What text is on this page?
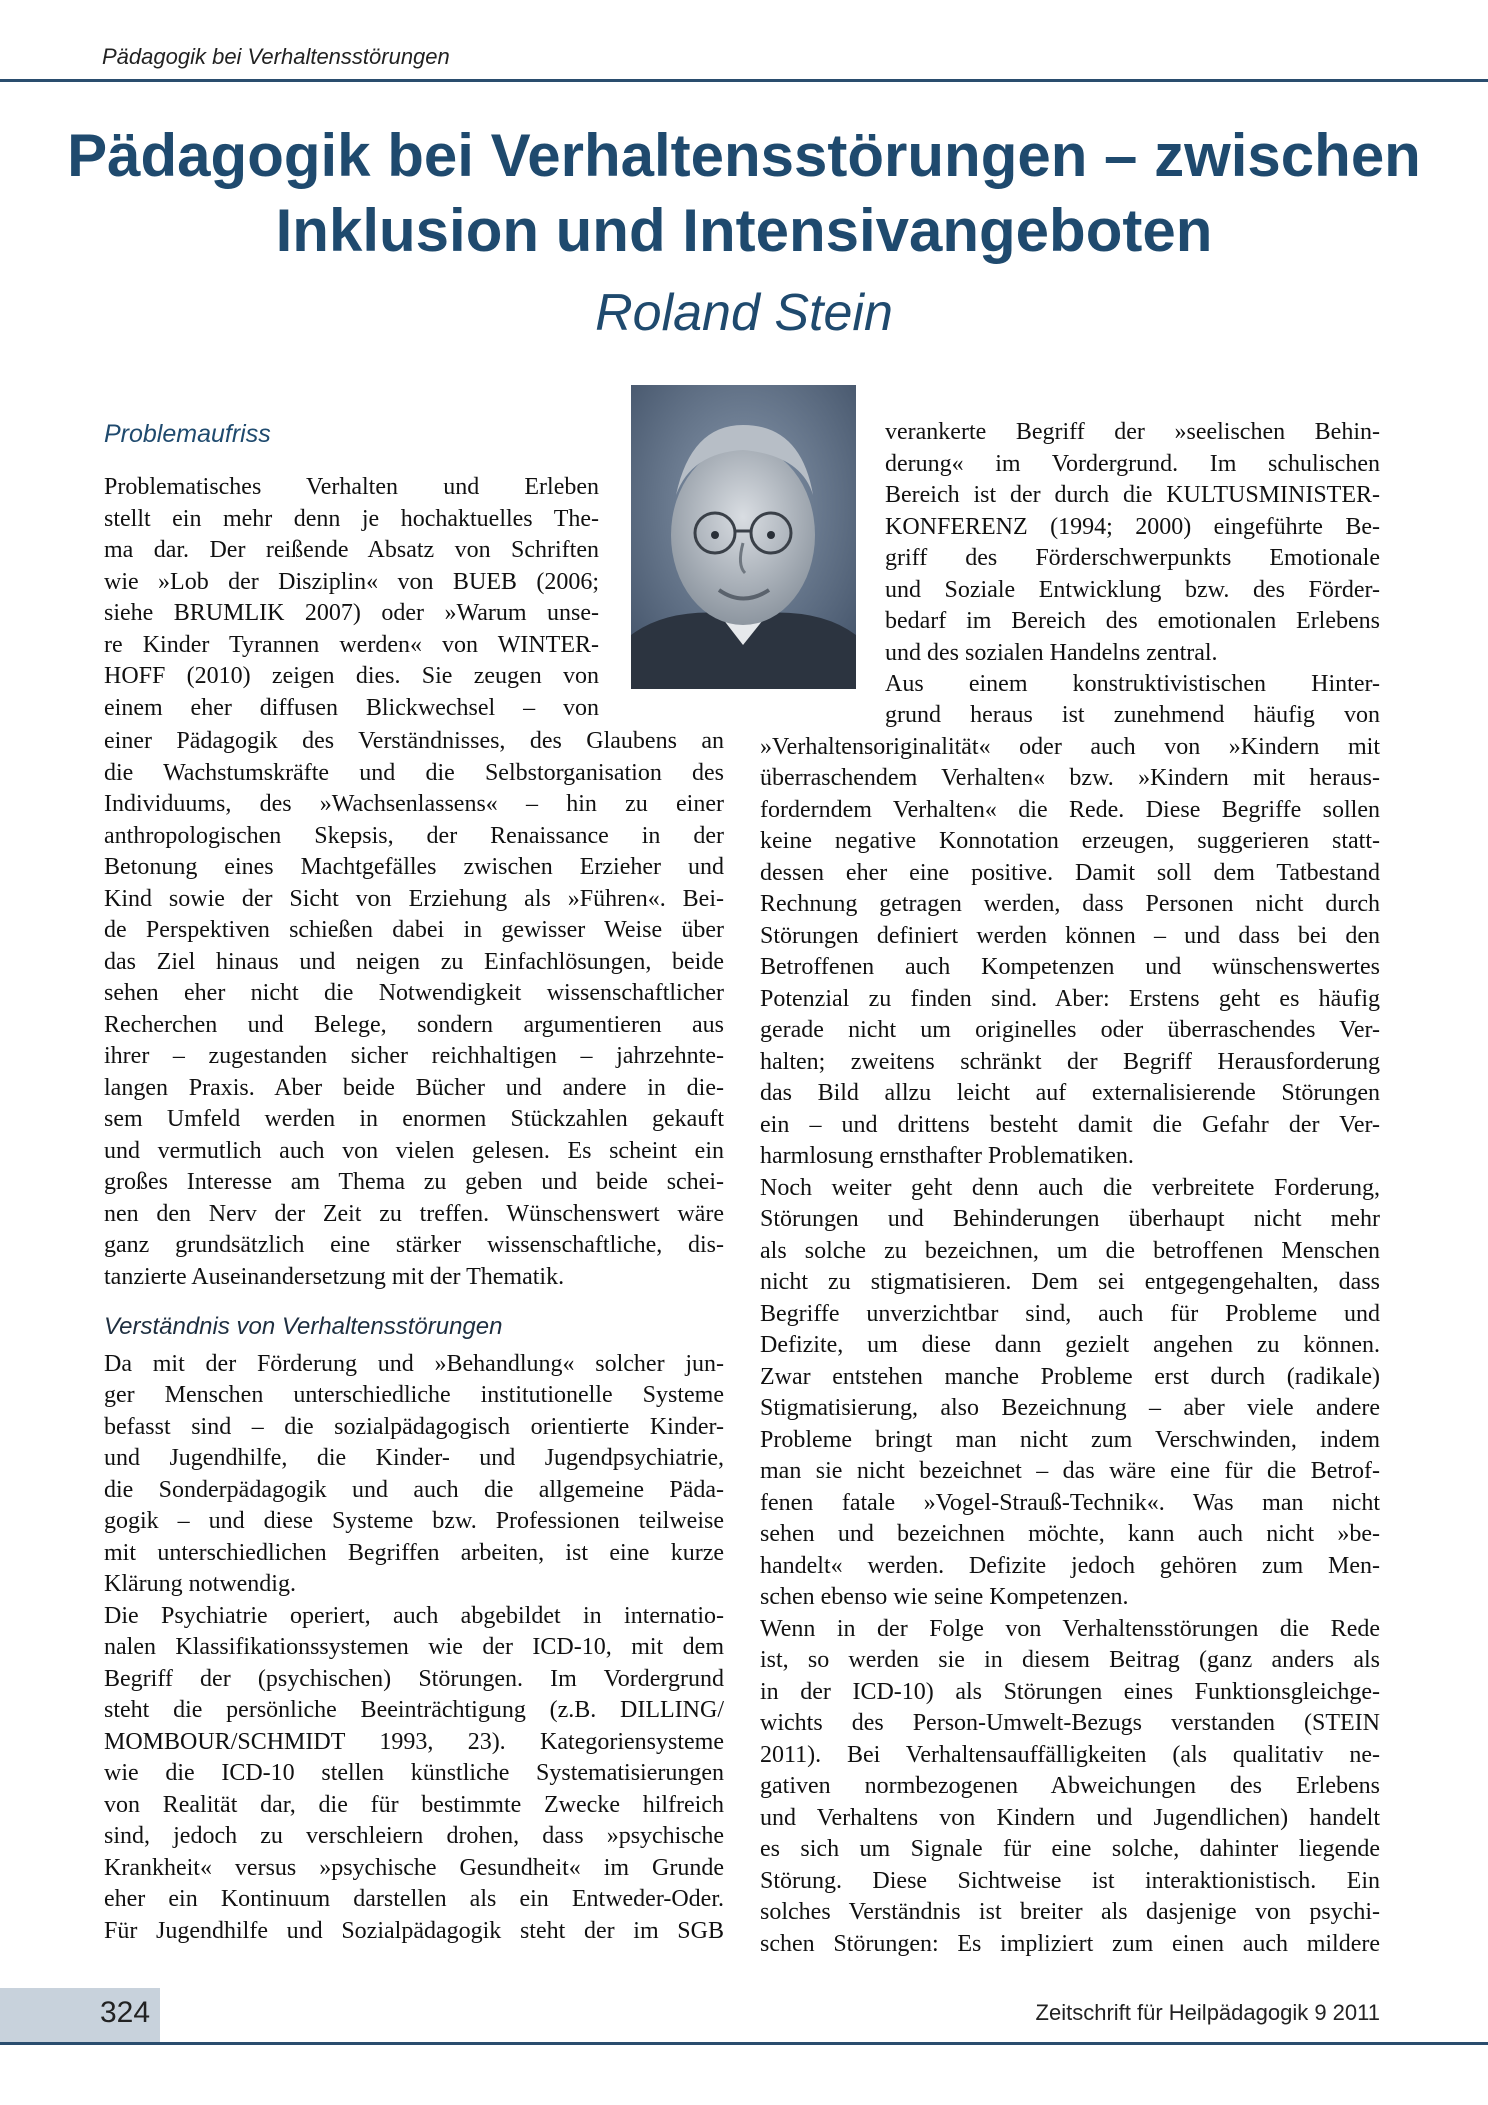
Pädagogik bei Verhaltensstörungen
Pädagogik bei Verhaltensstörungen – zwischen
Inklusion und Intensivangeboten
Roland Stein
Problemaufriss
Problematisches Verhalten und Erleben
stellt ein mehr denn je hochaktuelles The-
ma dar. Der reißende Absatz von Schriften
wie »Lob der Disziplin« von BUEB (2006;
siehe BRUMLIK 2007) oder »Warum unse-
re Kinder Tyrannen werden« von WINTER-
HOFF (2010) zeigen dies. Sie zeugen von
einem eher diffusen Blickwechsel – von
einer Pädagogik des Verständnisses, des Glaubens an
die Wachstumskräfte und die Selbstorganisation des
Individuums, des »Wachsenlassens« – hin zu einer
anthropologischen Skepsis, der Renaissance in der
Betonung eines Machtgefälles zwischen Erzieher und
Kind sowie der Sicht von Erziehung als »Führen«. Bei-
de Perspektiven schießen dabei in gewisser Weise über
das Ziel hinaus und neigen zu Einfachlösungen, beide
sehen eher nicht die Notwendigkeit wissenschaftlicher
Recherchen und Belege, sondern argumentieren aus
ihrer – zugestanden sicher reichhaltigen – jahrzehnte-
langen Praxis. Aber beide Bücher und andere in die-
sem Umfeld werden in enormen Stückzahlen gekauft
und vermutlich auch von vielen gelesen. Es scheint ein
großes Interesse am Thema zu geben und beide schei-
nen den Nerv der Zeit zu treffen. Wünschenswert wäre
ganz grundsätzlich eine stärker wissenschaftliche, dis-
tanzierte Auseinandersetzung mit der Thematik.
Verständnis von Verhaltensstörungen
Da mit der Förderung und »Behandlung« solcher jun-
ger Menschen unterschiedliche institutionelle Systeme
befasst sind – die sozialpädagogisch orientierte Kinder-
und Jugendhilfe, die Kinder- und Jugendpsychiatrie,
die Sonderpädagogik und auch die allgemeine Päda-
gogik – und diese Systeme bzw. Professionen teilweise
mit unterschiedlichen Begriffen arbeiten, ist eine kurze
Klärung notwendig.
Die Psychiatrie operiert, auch abgebildet in internatio-
nalen Klassifikationssystemen wie der ICD-10, mit dem
Begriff der (psychischen) Störungen. Im Vordergrund
steht die persönliche Beeinträchtigung (z.B. DILLING/
MOMBOUR/SCHMIDT 1993, 23). Kategoriensysteme
wie die ICD-10 stellen künstliche Systematisierungen
von Realität dar, die für bestimmte Zwecke hilfreich
sind, jedoch zu verschleiern drohen, dass »psychische
Krankheit« versus »psychische Gesundheit« im Grunde
eher ein Kontinuum darstellen als ein Entweder-Oder.
Für Jugendhilfe und Sozialpädagogik steht der im SGB
verankerte Begriff der »seelischen Behin-
derung« im Vordergrund. Im schulischen
Bereich ist der durch die KULTUSMINISTER-
KONFERENZ (1994; 2000) eingeführte Be-
griff des Förderschwerpunkts Emotionale
und Soziale Entwicklung bzw. des Förder-
bedarf im Bereich des emotionalen Erlebens
und des sozialen Handelns zentral.
Aus einem konstruktivistischen Hinter-
grund heraus ist zunehmend häufig von
»Verhaltensoriginalität« oder auch von »Kindern mit
überraschendem Verhalten« bzw. »Kindern mit heraus-
forderndem Verhalten« die Rede. Diese Begriffe sollen
keine negative Konnotation erzeugen, suggerieren statt-
dessen eher eine positive. Damit soll dem Tatbestand
Rechnung getragen werden, dass Personen nicht durch
Störungen definiert werden können – und dass bei den
Betroffenen auch Kompetenzen und wünschenswertes
Potenzial zu finden sind. Aber: Erstens geht es häufig
gerade nicht um originelles oder überraschendes Ver-
halten; zweitens schränkt der Begriff Herausforderung
das Bild allzu leicht auf externalisierende Störungen
ein – und drittens besteht damit die Gefahr der Ver-
harmlosung ernsthafter Problematiken.
Noch weiter geht denn auch die verbreitete Forderung,
Störungen und Behinderungen überhaupt nicht mehr
als solche zu bezeichnen, um die betroffenen Menschen
nicht zu stigmatisieren. Dem sei entgegengehalten, dass
Begriffe unverzichtbar sind, auch für Probleme und
Defizite, um diese dann gezielt angehen zu können.
Zwar entstehen manche Probleme erst durch (radikale)
Stigmatisierung, also Bezeichnung – aber viele andere
Probleme bringt man nicht zum Verschwinden, indem
man sie nicht bezeichnet – das wäre eine für die Betrof-
fenen fatale »Vogel-Strauß-Technik«. Was man nicht
sehen und bezeichnen möchte, kann auch nicht »be-
handelt« werden. Defizite jedoch gehören zum Men-
schen ebenso wie seine Kompetenzen.
Wenn in der Folge von Verhaltensstörungen die Rede
ist, so werden sie in diesem Beitrag (ganz anders als
in der ICD-10) als Störungen eines Funktionsgleichge-
wichts des Person-Umwelt-Bezugs verstanden (STEIN
2011). Bei Verhaltensauffälligkeiten (als qualitativ ne-
gativen normbezogenen Abweichungen des Erlebens
und Verhaltens von Kindern und Jugendlichen) handelt
es sich um Signale für eine solche, dahinter liegende
Störung. Diese Sichtweise ist interaktionistisch. Ein
solches Verständnis ist breiter als dasjenige von psychi-
schen Störungen: Es impliziert zum einen auch mildere
324	Zeitschrift für Heilpädagogik 9 2011
